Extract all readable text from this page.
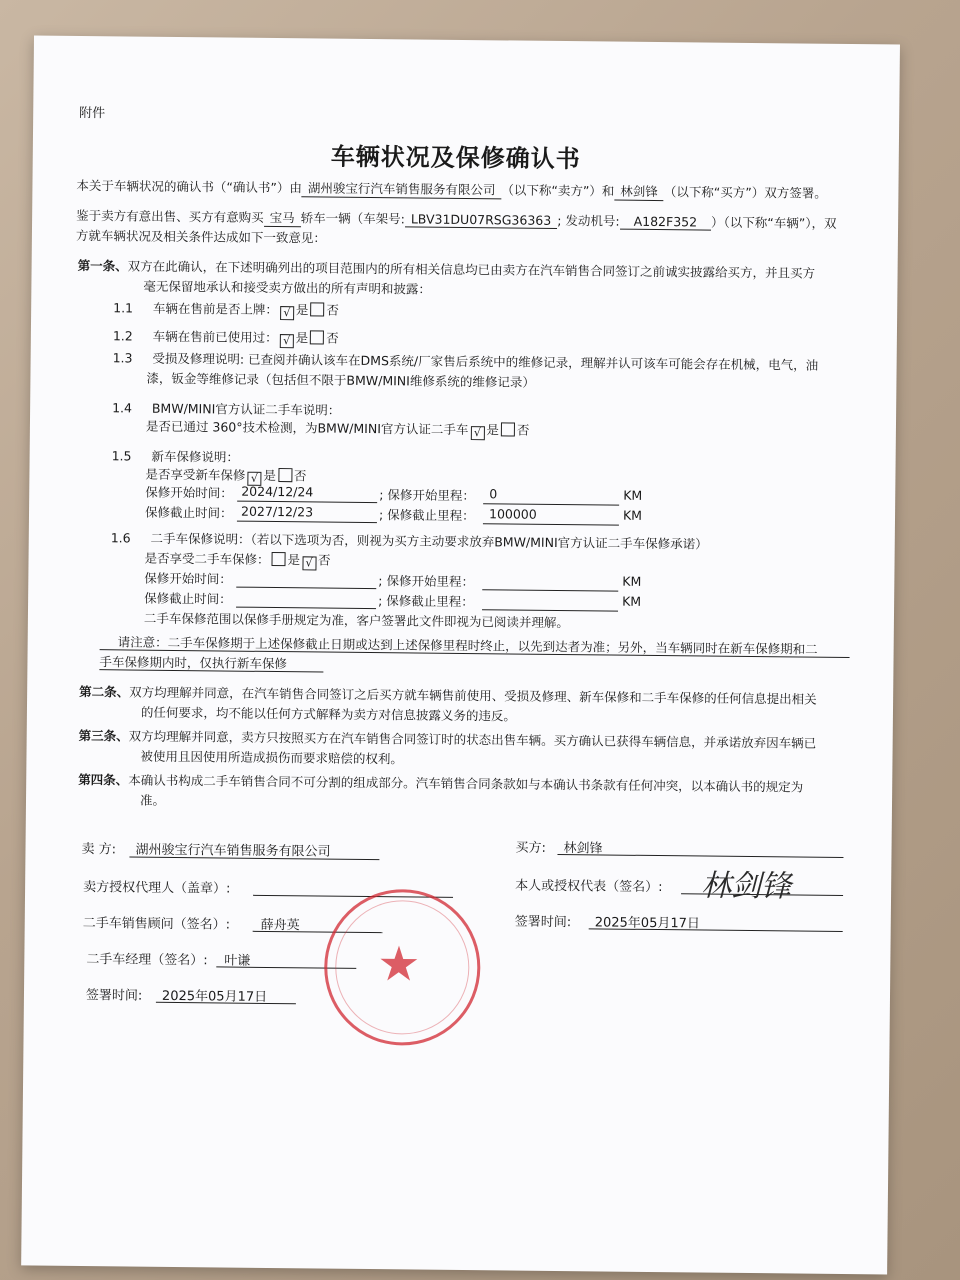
附件
车辆状况及保修确认书
本关于车辆状况的确认书（“确认书”）由 湖州骏宝行汽车销售服务有限公司 （以下称“卖方”）和 林剑锋 （以下称“买方”）双方签署。
鉴于卖方有意出售、买方有意购买 宝马 轿车一辆（车架号: LBV31DU07RSG36363 ; 发动机号: A182F352 ）（以下称“车辆”），双
方就车辆状况及相关条件达成如下一致意见：
第一条、双方在此确认，在下述明确列出的项目范围内的所有相关信息均已由卖方在汽车销售合同签订之前诚实披露给买方，并且买方
毫无保留地承认和接受卖方做出的所有声明和披露：
1.1 车辆在售前是否上牌： √ 是 否
1.2 车辆在售前已使用过： √ 是 否
1.3 受损及修理说明: 已查阅并确认该车在DMS系统/厂家售后系统中的维修记录，理解并认可该车可能会存在机械，电气，油
漆，钣金等维修记录（包括但不限于BMW/MINI维修系统的维修记录）
1.4 BMW/MINI官方认证二手车说明：
是否已通过 360°技术检测，为BMW/MINI官方认证二手车 √ 是 否
1.5 新车保修说明：
是否享受新车保修 √ 是 否
保修开始时间： 2024/12/24	; 保修开始里程： 0	KM
保修截止时间： 2027/12/23	; 保修截止里程： 100000	KM
1.6 二手车保修说明：（若以下选项为否，则视为买方主动要求放弃BMW/MINI官方认证二手车保修承诺）
是否享受二手车保修： 是 √ 否
保修开始时间：	; 保修开始里程：	KM
保修截止时间：	; 保修截止里程：	KM
二手车保修范围以保修手册规定为准，客户签署此文件即视为已阅读并理解。
请注意：二手车保修期于上述保修截止日期或达到上述保修里程时终止，以先到达者为准；另外，当车辆同时在新车保修期和二
手车保修期内时，仅执行新车保修
第二条、双方均理解并同意，在汽车销售合同签订之后买方就车辆售前使用、受损及修理、新车保修和二手车保修的任何信息提出相关
的任何要求，均不能以任何方式解释为卖方对信息披露义务的违反。
第三条、双方均理解并同意，卖方只按照买方在汽车销售合同签订时的状态出售车辆。买方确认已获得车辆信息，并承诺放弃因车辆已
被使用且因使用所造成损伤而要求赔偿的权利。
第四条、本确认书构成二手车销售合同不可分割的组成部分。汽车销售合同条款如与本确认书条款有任何冲突，以本确认书的规定为
准。
卖 方: 湖州骏宝行汽车销售服务有限公司
卖方授权代理人（盖章）:
二手车销售顾问（签名）: 薛舟英
二手车经理（签名）: 叶谦
签署时间: 2025年05月17日
买方: 林剑锋
本人或授权代表（签名）: 林剑锋
签署时间: 2025年05月17日
★
